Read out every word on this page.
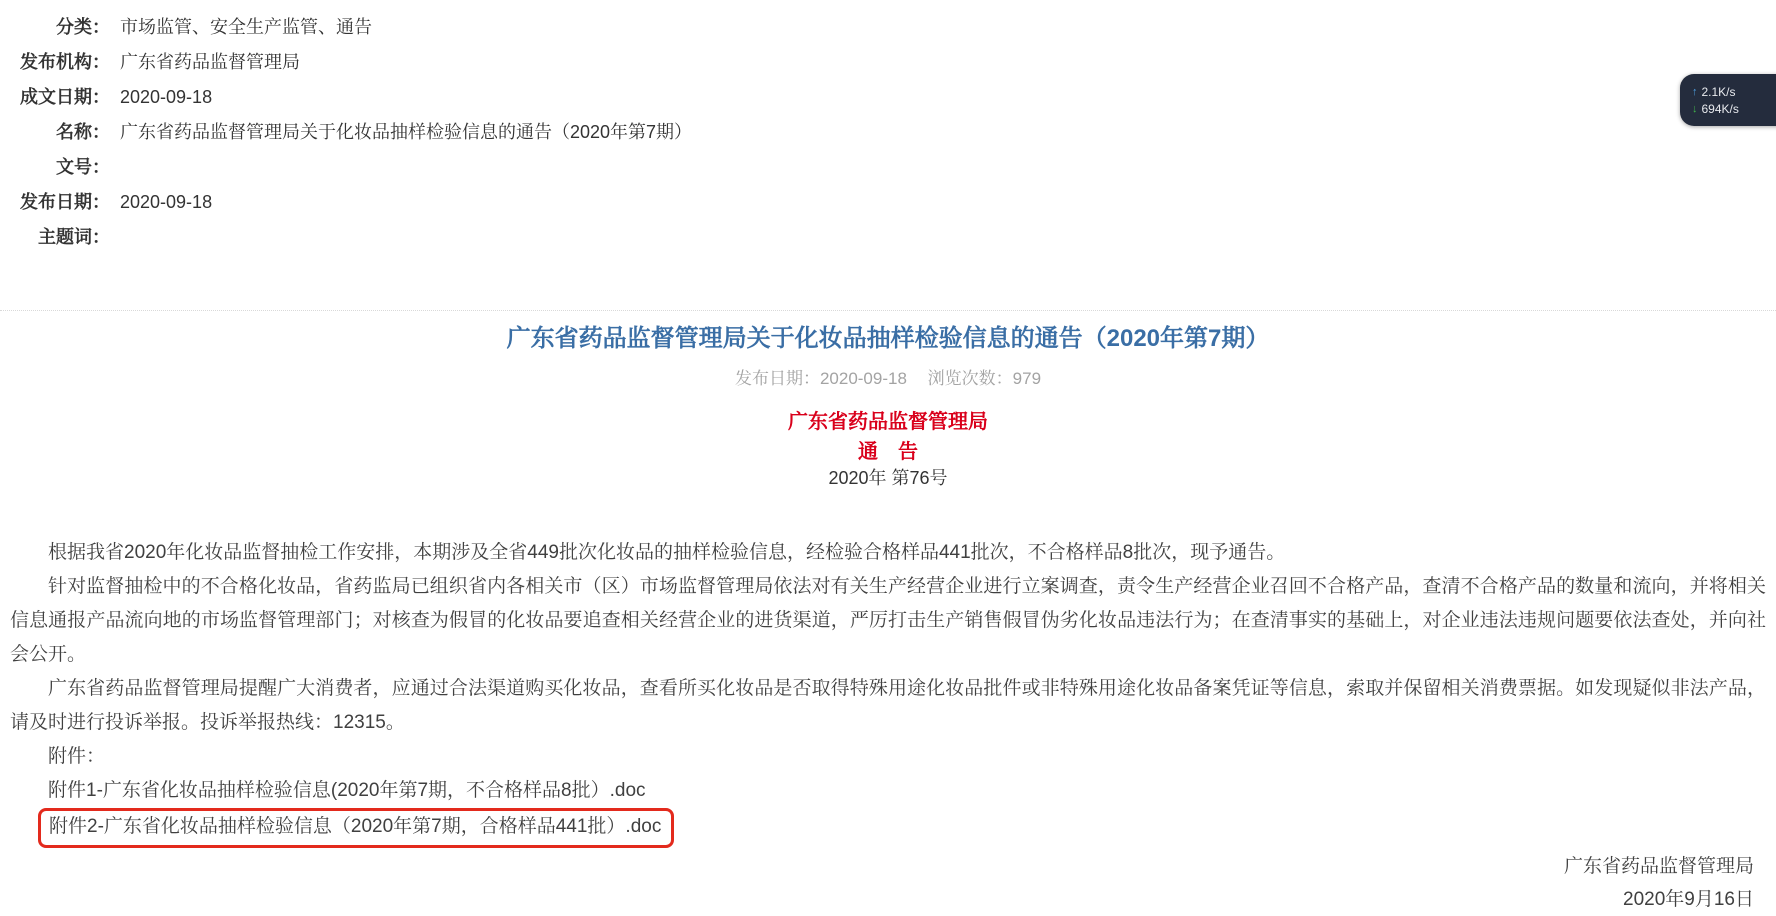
分类： 市场监管、安全生产监管、通告
发布机构： 广东省药品监督管理局
成文日期： 2020-09-18
名称： 广东省药品监督管理局关于化妆品抽样检验信息的通告（2020年第7期）
文号：
发布日期： 2020-09-18
主题词：
↑ 2.1K/s
↓ 694K/s
广东省药品监督管理局关于化妆品抽样检验信息的通告（2020年第7期）
发布日期：2020-09-18 浏览次数：979
广东省药品监督管理局
通　告
2020年 第76号

根据我省2020年化妆品监督抽检工作安排，本期涉及全省449批次化妆品的抽样检验信息，经检验合格样品441批次，不合格样品8批次，现予通告。

针对监督抽检中的不合格化妆品，省药监局已组织省内各相关市（区）市场监督管理局依法对有关生产经营企业进行立案调查，责令生产经营企业召回不合格产品，查清不合格产品的数量和流向，并将相关信息通报产品流向地的市场监督管理部门；对核查为假冒的化妆品要追查相关经营企业的进货渠道，严厉打击生产销售假冒伪劣化妆品违法行为；在查清事实的基础上，对企业违法违规问题要依法查处，并向社会公开。

广东省药品监督管理局提醒广大消费者，应通过合法渠道购买化妆品，查看所买化妆品是否取得特殊用途化妆品批件或非特殊用途化妆品备案凭证等信息，索取并保留相关消费票据。如发现疑似非法产品，请及时进行投诉举报。投诉举报热线：12315。

附件：
附件1-广东省化妆品抽样检验信息(2020年第7期，不合格样品8批）.doc
附件2-广东省化妆品抽样检验信息（2020年第7期，合格样品441批）.doc
广东省药品监督管理局
2020年9月16日
